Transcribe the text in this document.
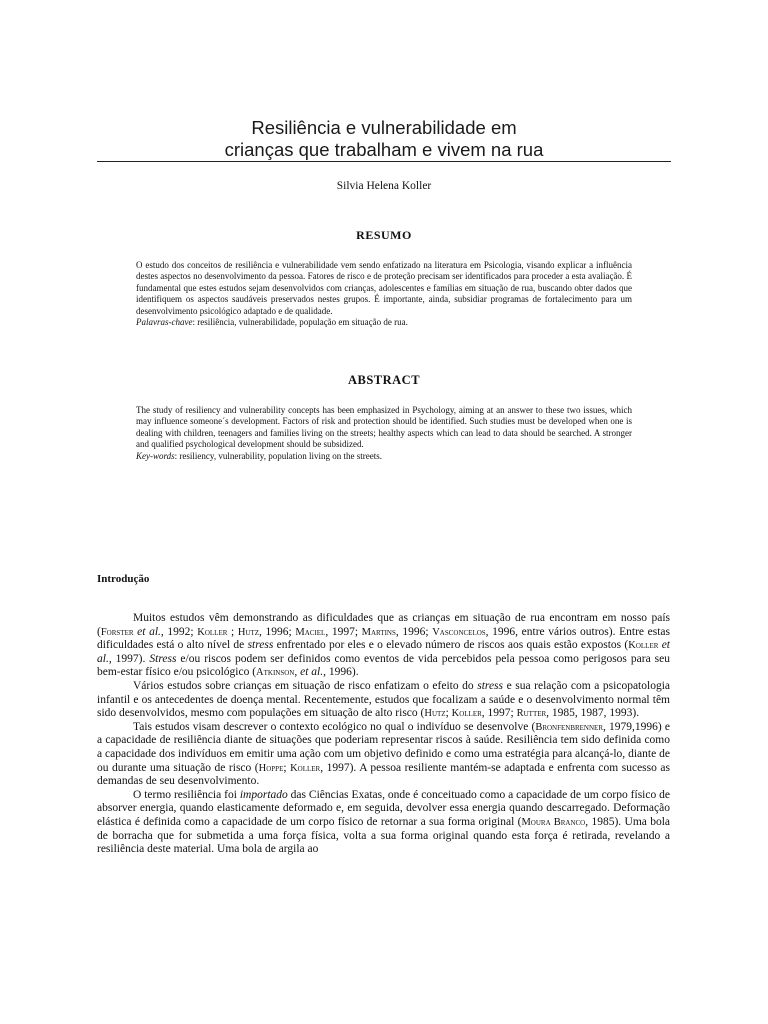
Resiliência e vulnerabilidade em
crianças que trabalham e vivem na rua
Silvia Helena Koller
RESUMO

O estudo dos conceitos de resiliência e vulnerabilidade vem sendo enfatizado na literatura em Psicologia, visando explicar a influência destes aspectos no desenvolvimento da pessoa. Fatores de risco e de proteção precisam ser identificados para proceder a esta avaliação. É fundamental que estes estudos sejam desenvolvidos com crianças, adolescentes e famílias em situação de rua, buscando obter dados que identifiquem os aspectos saudáveis preservados nestes grupos. É importante, ainda, subsidiar programas de fortalecimento para um desenvolvimento psicológico adaptado e de qualidade.

Palavras-chave: resiliência, vulnerabilidade, população em situação de rua.

ABSTRACT

The study of resiliency and vulnerability concepts has been emphasized in Psychology, aiming at an answer to these two issues, which may influence someone´s development. Factors of risk and protection should be identified. Such studies must be developed when one is dealing with children, teenagers and families living on the streets; healthy aspects which can lead to data should be searched. A stronger and qualified psychological development should be subsidized.

Key-words: resiliency, vulnerability, population living on the streets.

Introdução

Muitos estudos vêm demonstrando as dificuldades que as crianças em situação de rua encontram em nosso país (Forster et al., 1992; Koller ; Hutz, 1996; Maciel, 1997; Martins, 1996; Vasconcelos, 1996, entre vários outros). Entre estas dificuldades está o alto nível de stress enfrentado por eles e o elevado número de riscos aos quais estão expostos (Koller et al., 1997). Stress e/ou riscos podem ser definidos como eventos de vida percebidos pela pessoa como perigosos para seu bem-estar físico e/ou psicológico (Atkinson, et al., 1996).

Vários estudos sobre crianças em situação de risco enfatizam o efeito do stress e sua relação com a psicopatologia infantil e os antecedentes de doença mental. Recentemente, estudos que focalizam a saúde e o desenvolvimento normal têm sido desenvolvidos, mesmo com populações em situação de alto risco (Hutz; Koller, 1997; Rutter, 1985, 1987, 1993).

Tais estudos visam descrever o contexto ecológico no qual o indivíduo se desenvolve (Bronfenbrenner, 1979,1996) e a capacidade de resiliência diante de situações que poderiam representar riscos à saúde. Resiliência tem sido definida como a capacidade dos indivíduos em emitir uma ação com um objetivo definido e como uma estratégia para alcançá-lo, diante de ou durante uma situação de risco (Hoppe; Koller, 1997). A pessoa resiliente mantém-se adaptada e enfrenta com sucesso as demandas de seu desenvolvimento.

O termo resiliência foi importado das Ciências Exatas, onde é conceituado como a capacidade de um corpo físico de absorver energia, quando elasticamente deformado e, em seguida, devolver essa energia quando descarregado. Deformação elástica é definida como a capacidade de um corpo físico de retornar a sua forma original (Moura Branco, 1985). Uma bola de borracha que for submetida a uma força física, volta a sua forma original quando esta força é retirada, revelando a resiliência deste material. Uma bola de argila ao
